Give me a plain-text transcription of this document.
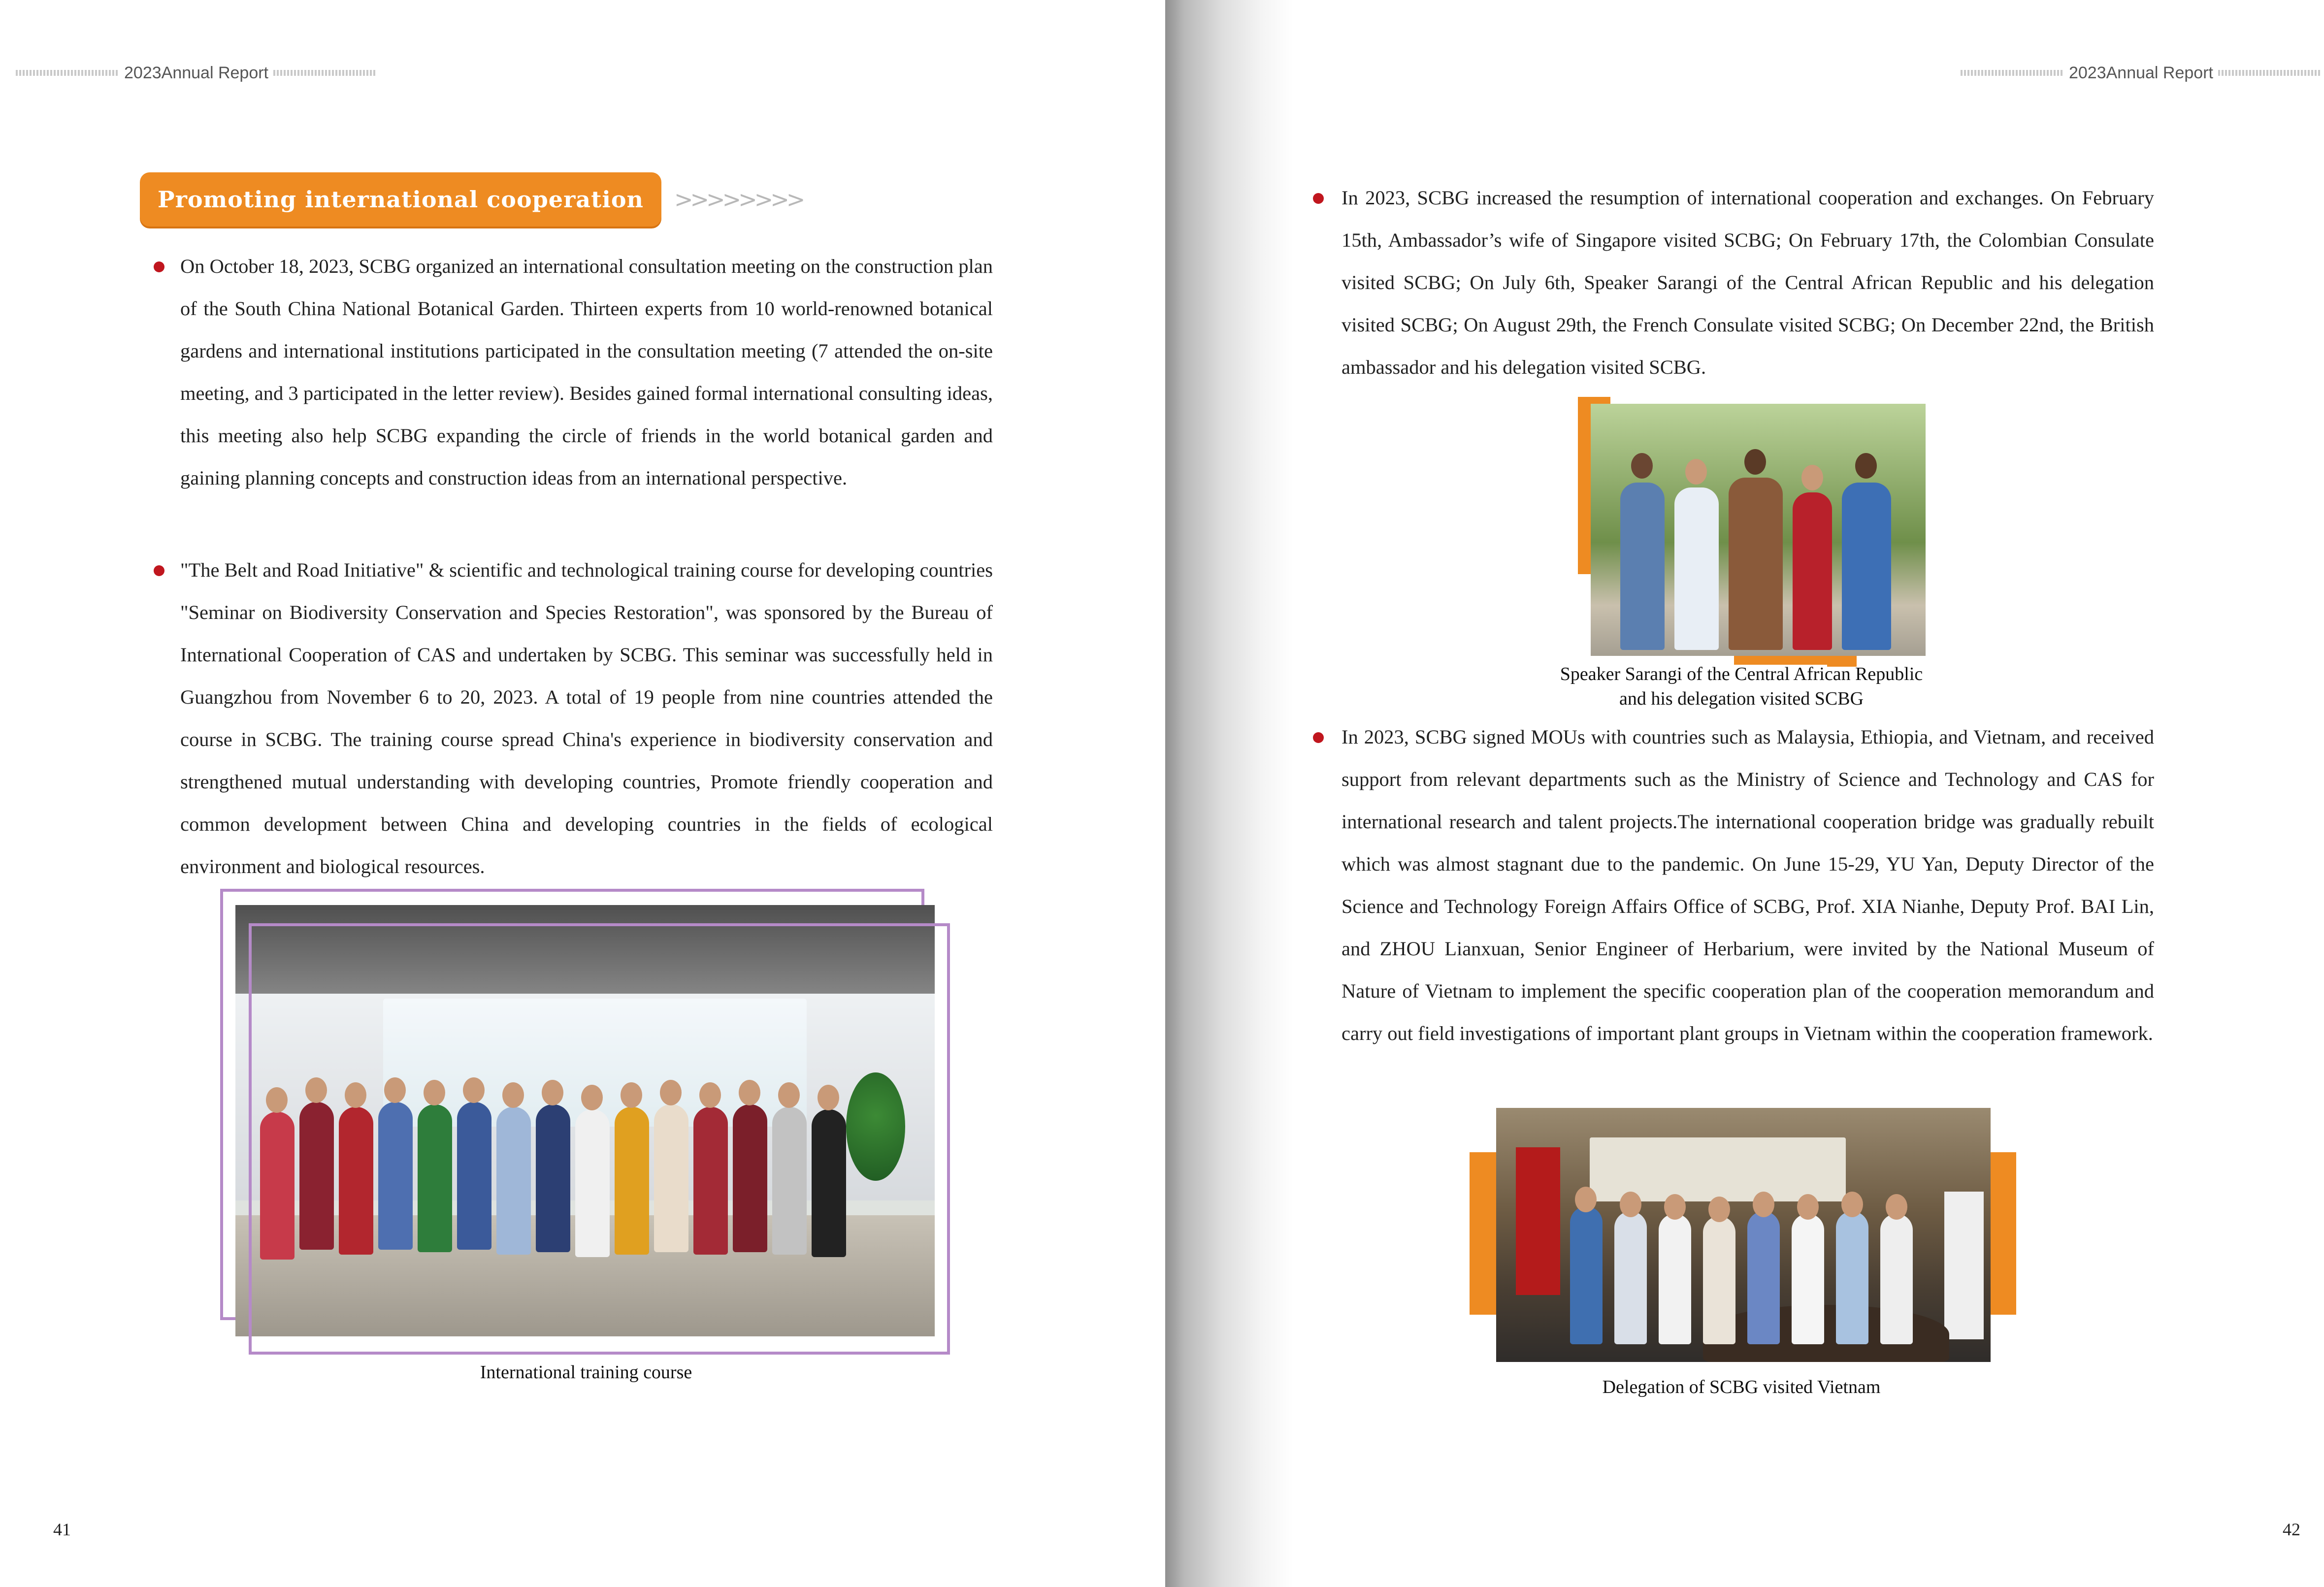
2023Annual Report
Promoting international cooperation >>>>>>>>

On October 18, 2023, SCBG organized an international consultation meeting on the construction plan of the South China National Botanical Garden. Thirteen experts from 10 world-renowned botanical gardens and international institutions participated in the consultation meeting (7 attended the on-site meeting, and 3 participated in the letter review). Besides gained formal international consulting ideas, this meeting also help SCBG expanding the circle of friends in the world botanical garden and gaining planning concepts and construction ideas from an international perspective.

"The Belt and Road Initiative" & scientific and technological training course for developing countries "Seminar on Biodiversity Conservation and Species Restoration", was sponsored by the Bureau of International Cooperation of CAS and undertaken by SCBG. This seminar was successfully held in Guangzhou from November 6 to 20, 2023. A total of 19 people from nine countries attended the course in SCBG. The training course spread China's experience in biodiversity conservation and strengthened mutual understanding with developing countries, Promote friendly cooperation and common development between China and developing countries in the fields of ecological environment and biological resources.

International training course
41
2023Annual Report

In 2023, SCBG increased the resumption of international cooperation and exchanges. On February 15th, Ambassador’s wife of Singapore visited SCBG; On February 17th, the Colombian Consulate visited SCBG; On July 6th, Speaker Sarangi of the Central African Republic and his delegation visited SCBG; On August 29th, the French Consulate visited SCBG; On December 22nd, the British ambassador and his delegation visited SCBG.

Speaker Sarangi of the Central African Republic
and his delegation visited SCBG

In 2023, SCBG signed MOUs with countries such as Malaysia, Ethiopia, and Vietnam, and received support from relevant departments such as the Ministry of Science and Technology and CAS for international research and talent projects.The international cooperation bridge was gradually rebuilt which was almost stagnant due to the pandemic. On June 15-29, YU Yan, Deputy Director of the Science and Technology Foreign Affairs Office of SCBG, Prof. XIA Nianhe, Deputy Prof. BAI Lin, and ZHOU Lianxuan, Senior Engineer of Herbarium, were invited by the National Museum of Nature of Vietnam to implement the specific cooperation plan of the cooperation memorandum and carry out field investigations of important plant groups in Vietnam within the cooperation framework.

Delegation of SCBG visited Vietnam
42
